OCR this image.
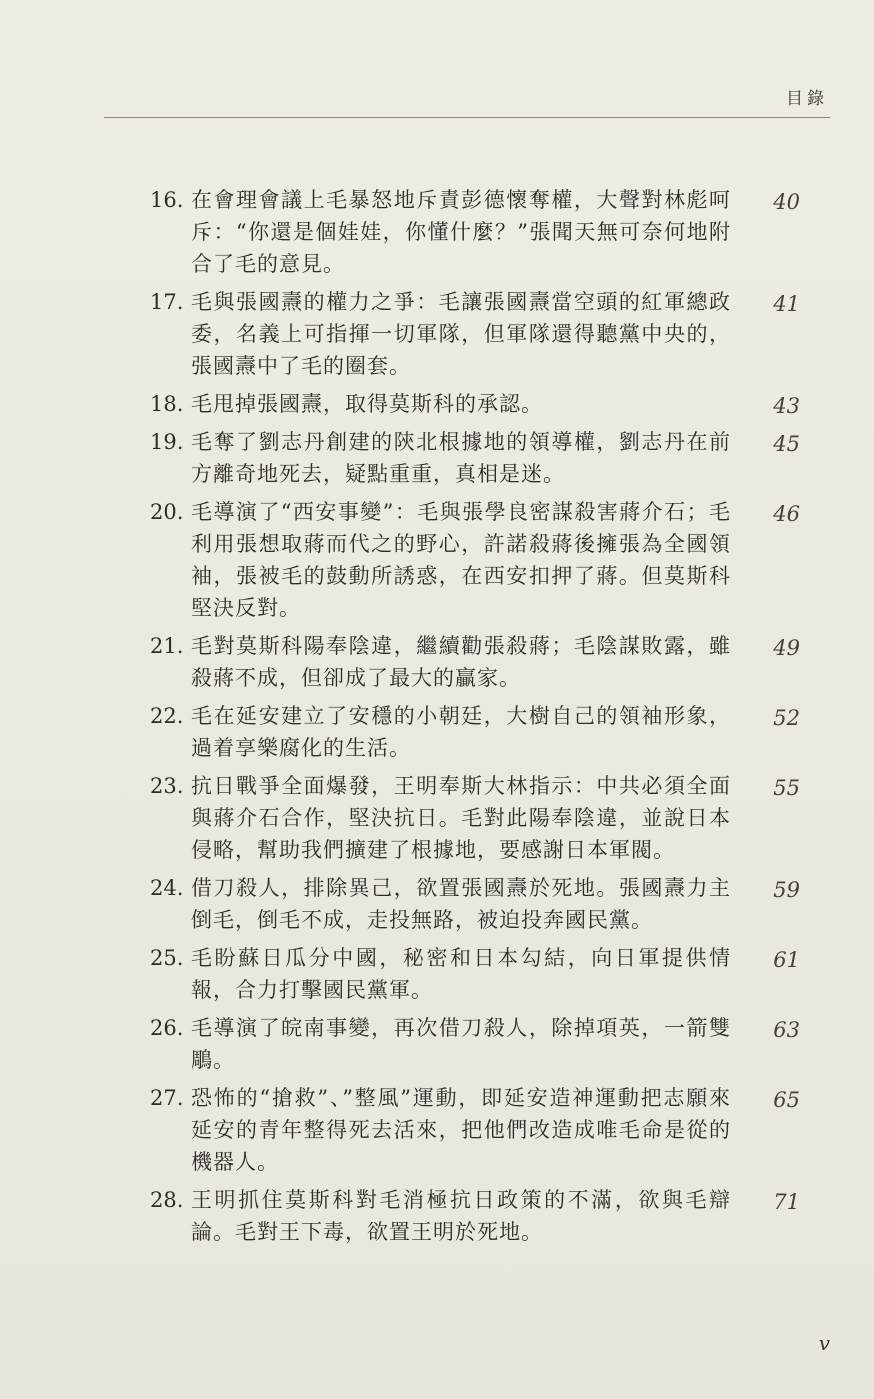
目錄
16. 在會理會議上毛暴怒地斥責彭德懷奪權，大聲對林彪呵斥：“你還是個娃娃，你懂什麼？”張聞天無可奈何地附合了毛的意見。
40
17. 毛與張國燾的權力之爭：毛讓張國燾當空頭的紅軍總政委，名義上可指揮一切軍隊，但軍隊還得聽黨中央的，張國燾中了毛的圈套。
41
18. 毛甩掉張國燾，取得莫斯科的承認。	43
19. 毛奪了劉志丹創建的陝北根據地的領導權，劉志丹在前方離奇地死去，疑點重重，真相是迷。
45
20. 毛導演了“西安事變”：毛與張學良密謀殺害蔣介石；毛利用張想取蔣而代之的野心，許諾殺蔣後擁張為全國領袖，張被毛的鼓動所誘惑，在西安扣押了蔣。但莫斯科堅決反對。
46
21. 毛對莫斯科陽奉陰違，繼續勸張殺蔣；毛陰謀敗露，雖殺蔣不成，但卻成了最大的贏家。
49
22. 毛在延安建立了安穩的小朝廷，大樹自己的領袖形象，過着享樂腐化的生活。
52
23. 抗日戰爭全面爆發，王明奉斯大林指示：中共必須全面與蔣介石合作，堅決抗日。毛對此陽奉陰違，並說日本侵略，幫助我們擴建了根據地，要感謝日本軍閥。
55
24. 借刀殺人，排除異己，欲置張國燾於死地。張國燾力主倒毛，倒毛不成，走投無路，被迫投奔國民黨。
59
25. 毛盼蘇日瓜分中國，秘密和日本勾結，向日軍提供情報，合力打擊國民黨軍。
61
26. 毛導演了皖南事變，再次借刀殺人，除掉項英，一箭雙鵰。
63
27. 恐怖的“搶救”、”整風”運動，即延安造神運動把志願來延安的青年整得死去活來，把他們改造成唯毛命是從的機器人。
65
28. 王明抓住莫斯科對毛消極抗日政策的不滿，欲與毛辯論。毛對王下毒，欲置王明於死地。
71
v
